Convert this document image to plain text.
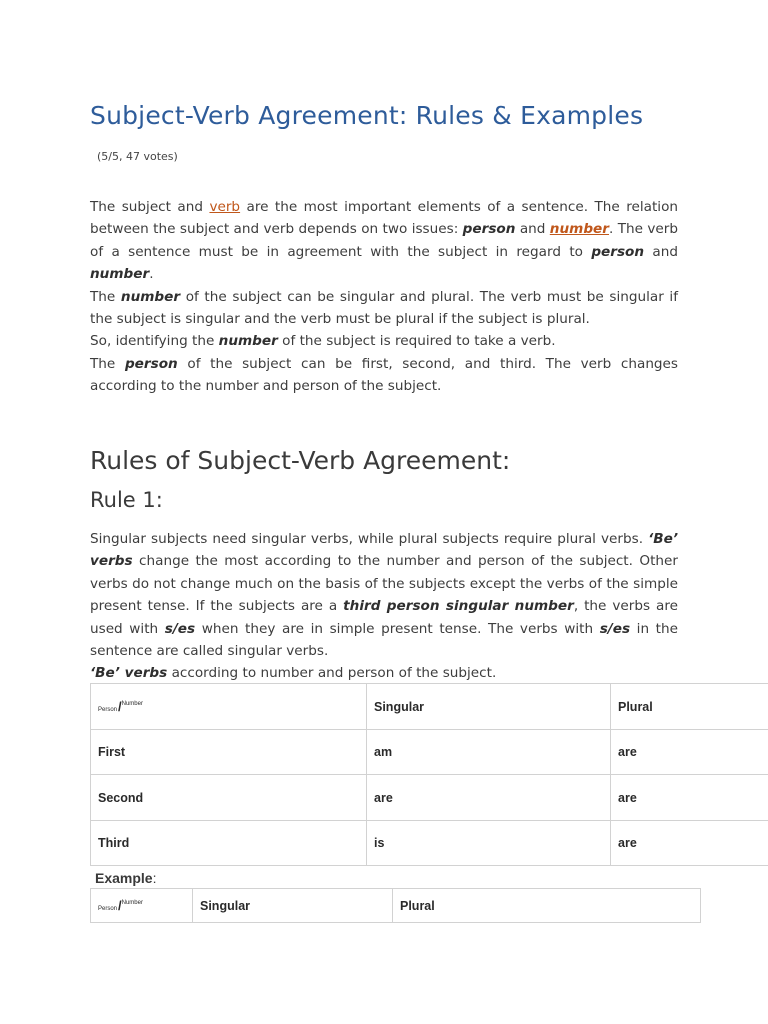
Subject-Verb Agreement: Rules & Examples
(5/5, 47 votes)

The subject and verb are the most important elements of a sentence. The relation between the subject and verb depends on two issues: person and number. The verb of a sentence must be in agreement with the subject in regard to person and number.

The number of the subject can be singular and plural. The verb must be singular if the subject is singular and the verb must be plural if the subject is plural.

So, identifying the number of the subject is required to take a verb.

The person of the subject can be first, second, and third. The verb changes according to the number and person of the subject.

Rules of Subject-Verb Agreement:
Rule 1:

Singular subjects need singular verbs, while plural subjects require plural verbs. ‘Be’ verbs change the most according to the number and person of the subject. Other verbs do not change much on the basis of the subjects except the verbs of the simple present tense. If the subjects are a third person singular number, the verbs are used with s/es when they are in simple present tense. The verbs with s/es in the sentence are called singular verbs.

‘Be’ verbs according to number and person of the subject.

Person/Number	Singular	Plural
First	am	are
Second	are	are
Third	is	are
Example:
Person/Number	Singular	Plural
